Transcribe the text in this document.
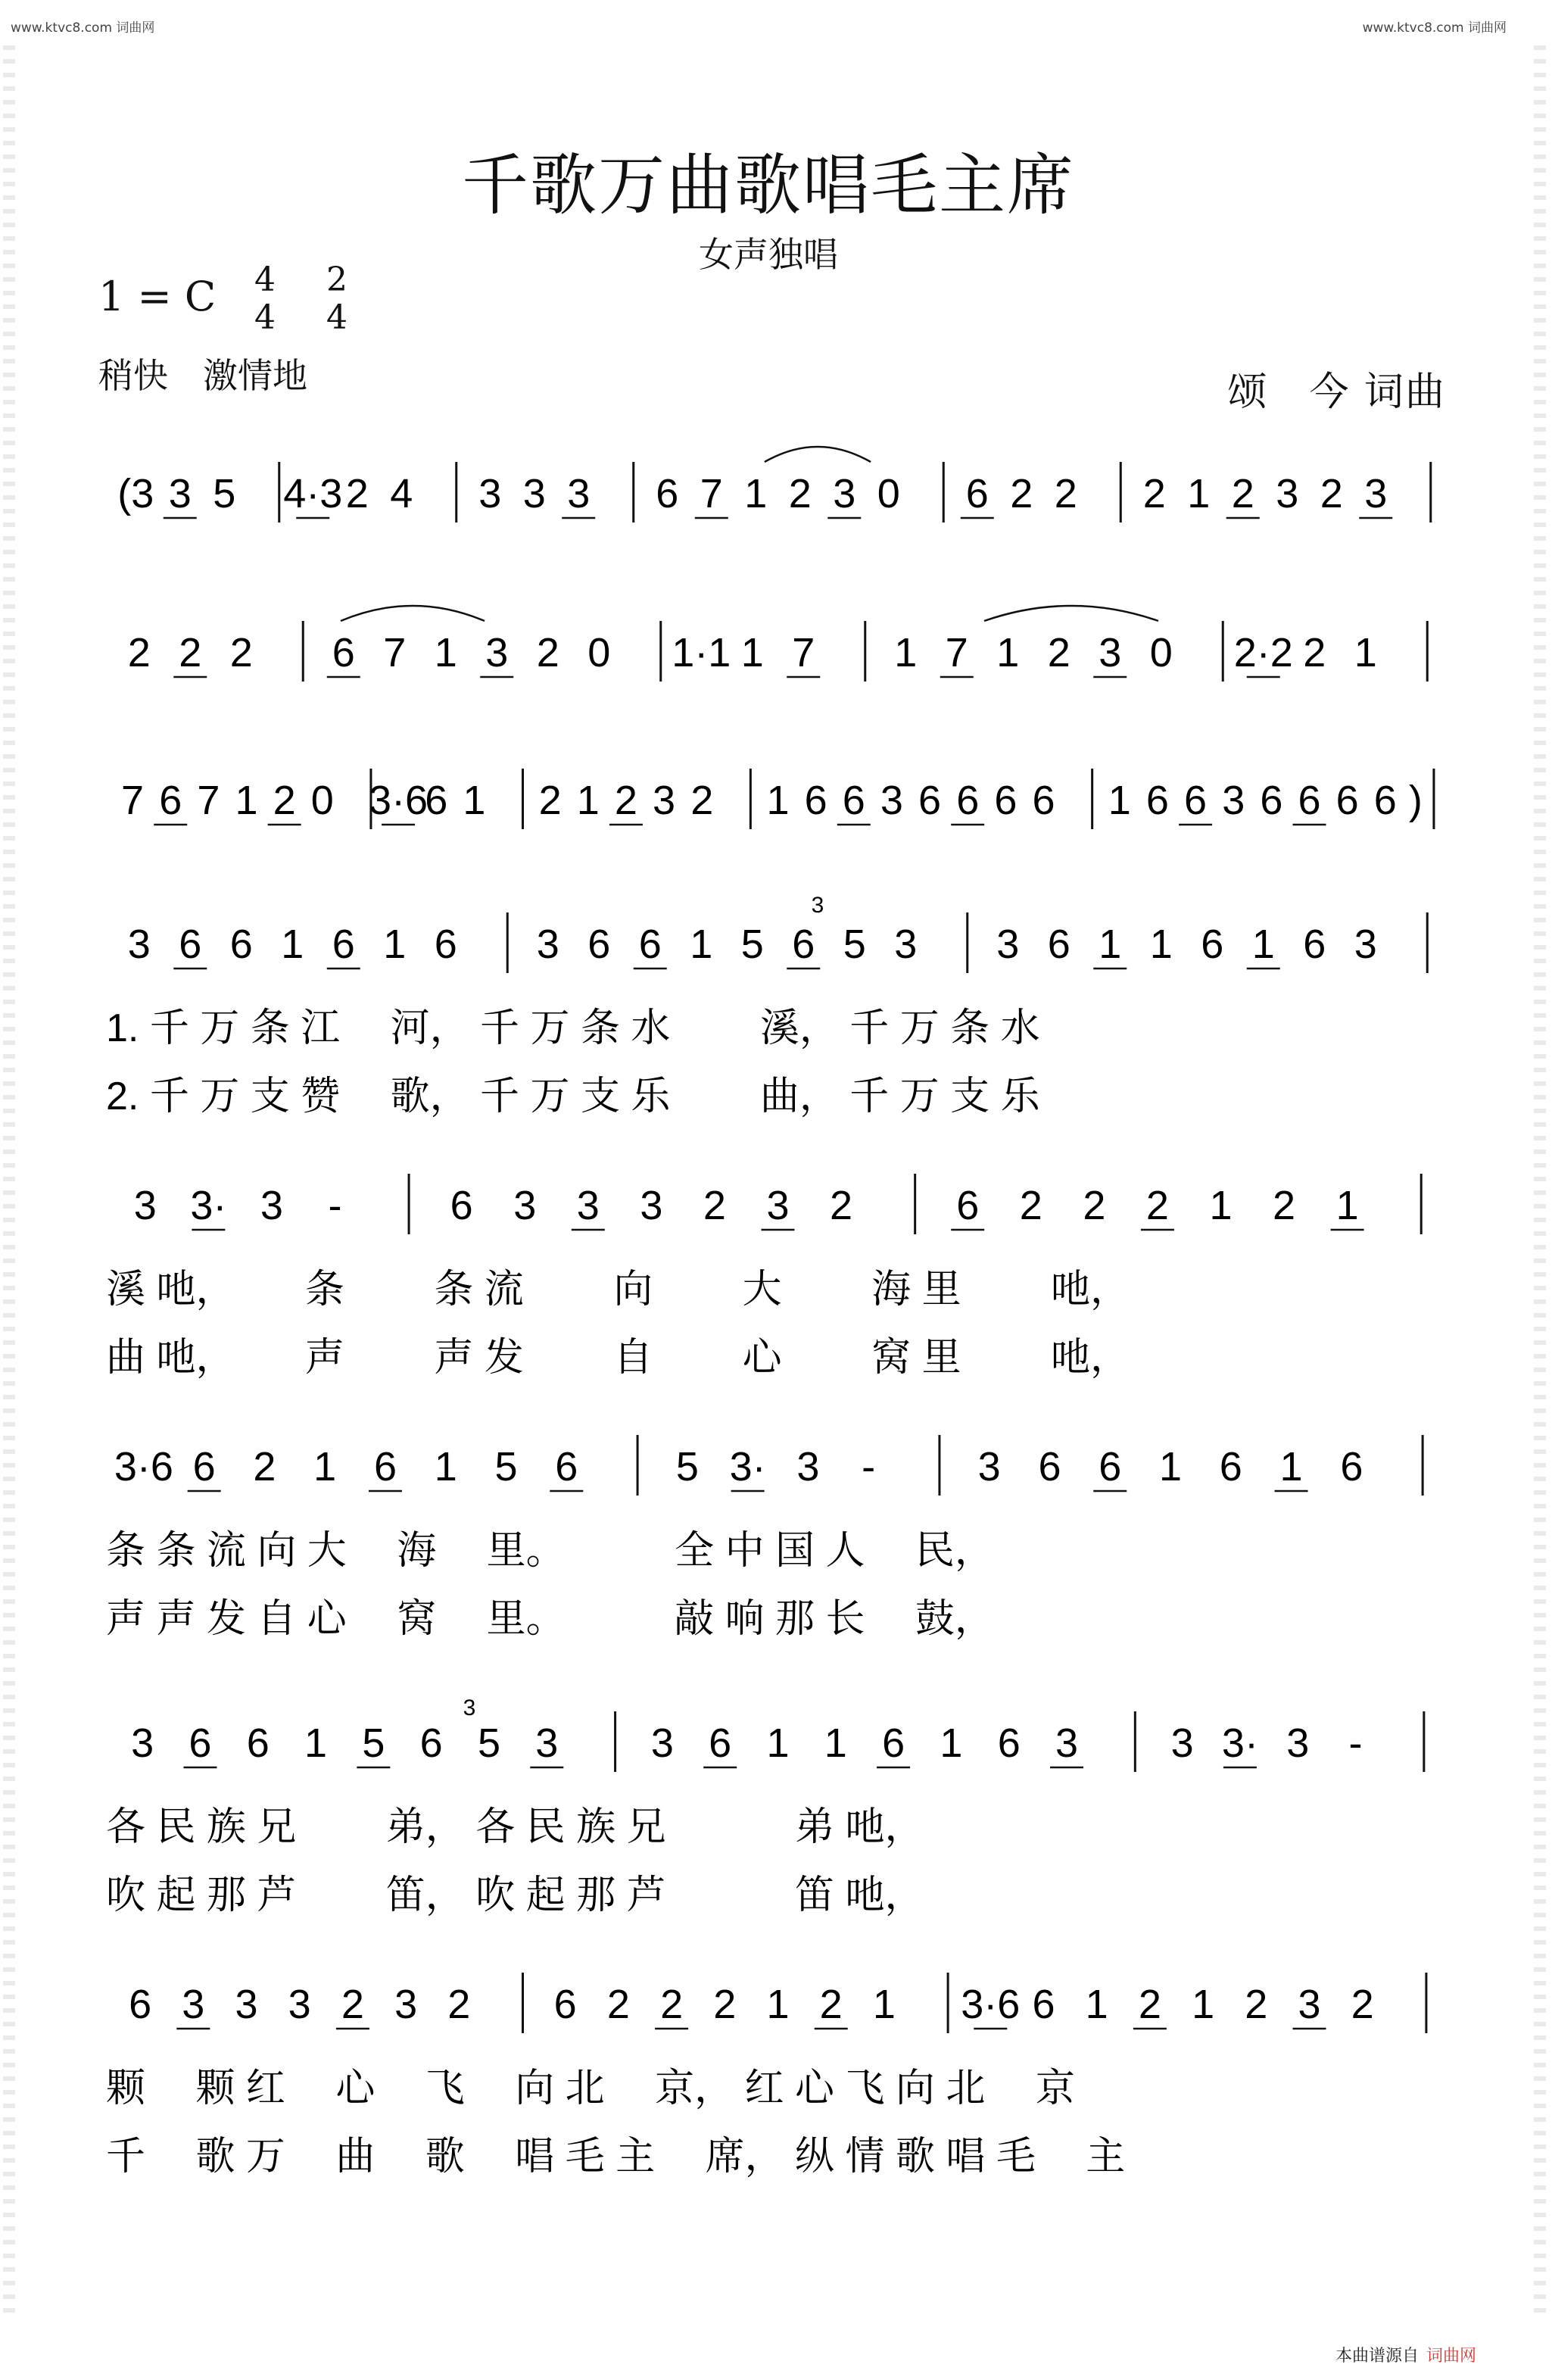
www.ktvc8.com 词曲网	www.ktvc8.com 词曲网
千歌万曲歌唱毛主席
女声独唱
1 = C 4
4
2
4
稍快　激情地	颂　今 词曲
(3 3 5 4·3 2 4 3 3 3 6 7 1 2 3 0 6 2 2 2 1 2 3 2 3
2 2 2 6 7 1 3 2 0 1·1 1 7 1 7 1 2 3 0 2·2 2 1
7 6 7 1 2 0 3·6
6 1 2 1 2 3 2 1 6 6 3 6 6 6 6 1 6 6 3 6 6 6 6 )
3 6 6 1 6 1 6 3 6 6 1 5 6 5 3 3 6 1 1 6 1 6 3
1. 千 万 条 江　 河， 千 万 条 水　　 溪， 千 万 条 水
2. 千 万 支 赞　 歌， 千 万 支 乐　　 曲， 千 万 支 乐
3 3· 3 -	6 3 3 3 2 3 2	6 2 2 2 1 2 1
溪 吔，　　 条　　 条 流　　 向　　 大　　 海 里　　 吔，
曲 吔，　　 声　　 声 发　　 自　　 心　　 窝 里　　 吔，
3·6 6 2 1 6 1 5 6 5 3· 3 -	3 6 6 1 6 1 6
条 条 流 向 大　 海　 里。　　　 全 中 国 人　 民，
声 声 发 自 心　 窝　 里。　　　 敲 响 那 长　 鼓，
3 6 6 1 5 6 5 3 3 6 1 1 6 1 6 3 3 3· 3 -
各 民 族 兄　　 弟， 各 民 族 兄　　　 弟 吔，
吹 起 那 芦　　 笛， 吹 起 那 芦　　　 笛 吔，
6 3 3 3 2 3 2 6 2 2 2 1 2 1 3·6 6 1 2 1 2 3 2
颗　 颗 红　 心　 飞　 向 北　 京， 红 心 飞 向 北　 京
千　 歌 万　 曲　 歌　 唱 毛 主　 席， 纵 情 歌 唱 毛　 主
3
3
本曲谱源自 词曲网
